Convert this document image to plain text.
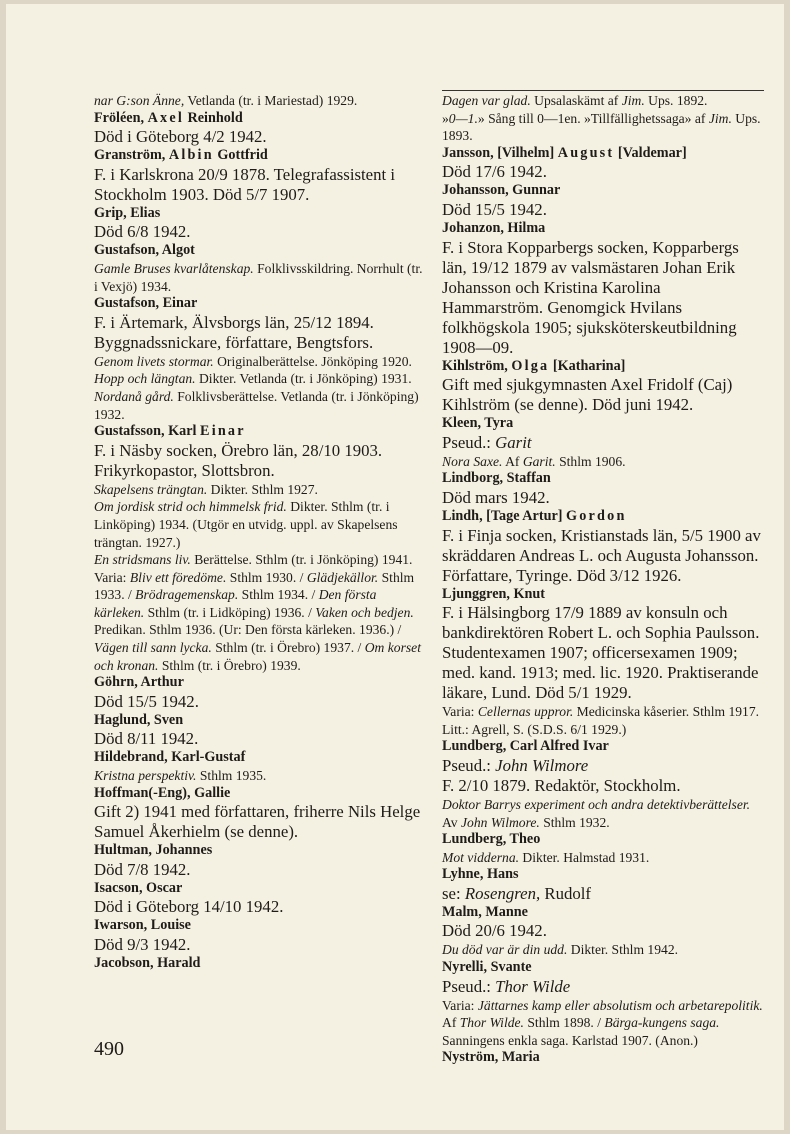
nar G:son Änne, Vetlanda (tr. i Mariestad) 1929.
Fröléen, Axel Reinhold
Död i Göteborg 4/2 1942.
Granström, Albin Gottfrid
F. i Karlskrona 20/9 1878. Telegrafassistent i Stockholm 1903. Död 5/7 1907.
Grip, Elias
Död 6/8 1942.
Gustafson, Algot
Gamle Bruses kvarlåtenskap. Folklivsskildring. Norrhult (tr. i Vexjö) 1934.
Gustafson, Einar
F. i Ärtemark, Älvsborgs län, 25/12 1894. Byggnadssnickare, författare, Bengtsfors.
Genom livets stormar. Originalberättelse. Jönköping 1920.
Hopp och längtan. Dikter. Vetlanda (tr. i Jönköping) 1931.
Nordanå gård. Folklivsberättelse. Vetlanda (tr. i Jönköping) 1932.
Gustafsson, Karl Einar
F. i Näsby socken, Örebro län, 28/10 1903. Frikyrkopastor, Slottsbron.
Skapelsens trängtan. Dikter. Sthlm 1927.
Om jordisk strid och himmelsk frid. Dikter. Sthlm (tr. i Linköping) 1934. (Utgör en utvidg. uppl. av Skapelsens trängtan. 1927.)
En stridsmans liv. Berättelse. Sthlm (tr. i Jönköping) 1941.
Varia: Bliv ett föredöme. Sthlm 1930. / Glädjekällor. Sthlm 1933. / Brödragemenskap. Sthlm 1934. / Den första kärleken. Sthlm (tr. i Lidköping) 1936. / Vaken och bedjen. Predikan. Sthlm 1936. (Ur: Den första kärleken. 1936.) / Vägen till sann lycka. Sthlm (tr. i Örebro) 1937. / Om korset och kronan. Sthlm (tr. i Örebro) 1939.
Göhrn, Arthur
Död 15/5 1942.
Haglund, Sven
Död 8/11 1942.
Hildebrand, Karl-Gustaf
Kristna perspektiv. Sthlm 1935.
Hoffman(-Eng), Gallie
Gift 2) 1941 med författaren, friherre Nils Helge Samuel Åkerhielm (se denne).
Hultman, Johannes
Död 7/8 1942.
Isacson, Oscar
Död i Göteborg 14/10 1942.
Iwarson, Louise
Död 9/3 1942.
Jacobson, Harald
Dagen var glad. Upsalaskämt af Jim. Ups. 1892.
»0—1.» Sång till 0—1en. »Tillfällighetssaga» af Jim. Ups. 1893.
Jansson, [Vilhelm] August [Valdemar]
Död 17/6 1942.
Johansson, Gunnar
Död 15/5 1942.
Johanzon, Hilma
F. i Stora Kopparbergs socken, Kopparbergs län, 19/12 1879 av valsmästaren Johan Erik Johansson och Kristina Karolina Hammarström. Genomgick Hvilans folkhögskola 1905; sjuksköterskeutbildning 1908—09.
Kihlström, Olga [Katharina]
Gift med sjukgymnasten Axel Fridolf (Caj) Kihlström (se denne). Död juni 1942.
Kleen, Tyra
Pseud.: Garit
Nora Saxe. Af Garit. Sthlm 1906.
Lindborg, Staffan
Död mars 1942.
Lindh, [Tage Artur] Gordon
F. i Finja socken, Kristianstads län, 5/5 1900 av skräddaren Andreas L. och Augusta Johansson. Författare, Tyringe. Död 3/12 1926.
Ljunggren, Knut
F. i Hälsingborg 17/9 1889 av konsuln och bankdirektören Robert L. och Sophia Paulsson. Studentexamen 1907; officersexamen 1909; med. kand. 1913; med. lic. 1920. Praktiserande läkare, Lund. Död 5/1 1929.
Varia: Cellernas uppror. Medicinska kåserier. Sthlm 1917.
Litt.: Agrell, S. (S.D.S. 6/1 1929.)
Lundberg, Carl Alfred Ivar
Pseud.: John Wilmore
F. 2/10 1879. Redaktör, Stockholm.
Doktor Barrys experiment och andra detektivberättelser. Av John Wilmore. Sthlm 1932.
Lundberg, Theo
Mot vidderna. Dikter. Halmstad 1931.
Lyhne, Hans
se: Rosengren, Rudolf
Malm, Manne
Död 20/6 1942.
Du död var är din udd. Dikter. Sthlm 1942.
Nyrelli, Svante
Pseud.: Thor Wilde
Varia: Jättarnes kamp eller absolutism och arbetarepolitik. Af Thor Wilde. Sthlm 1898. / Bärga-kungens saga. Sanningens enkla saga. Karlstad 1907. (Anon.)
Nyström, Maria
490
